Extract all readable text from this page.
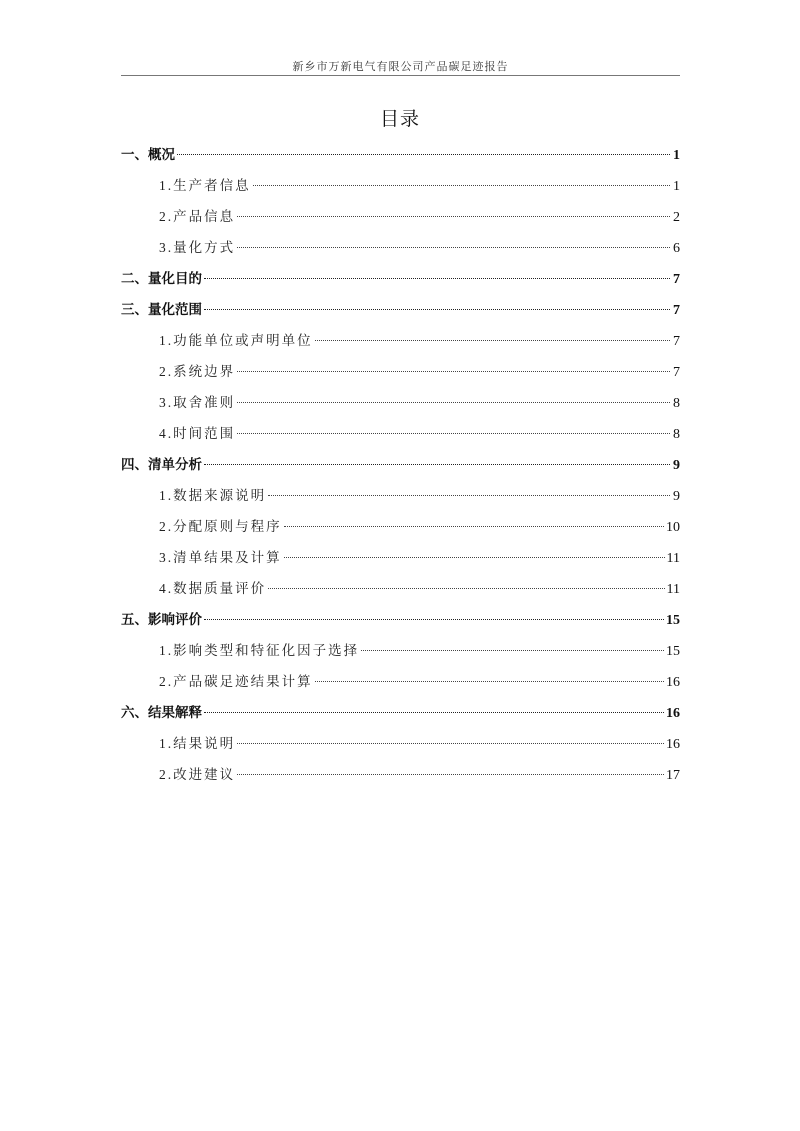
新乡市万新电气有限公司产品碳足迹报告
目录
一、概况	1
1.生产者信息	1
2.产品信息	2
3.量化方式	6
二、量化目的	7
三、量化范围	7
1.功能单位或声明单位	7
2.系统边界	7
3.取舍准则	8
4.时间范围	8
四、清单分析	9
1.数据来源说明	9
2.分配原则与程序	10
3.清单结果及计算	11
4.数据质量评价	11
五、影响评价	15
1.影响类型和特征化因子选择	15
2.产品碳足迹结果计算	16
六、结果解释	16
1.结果说明	16
2.改进建议	17
